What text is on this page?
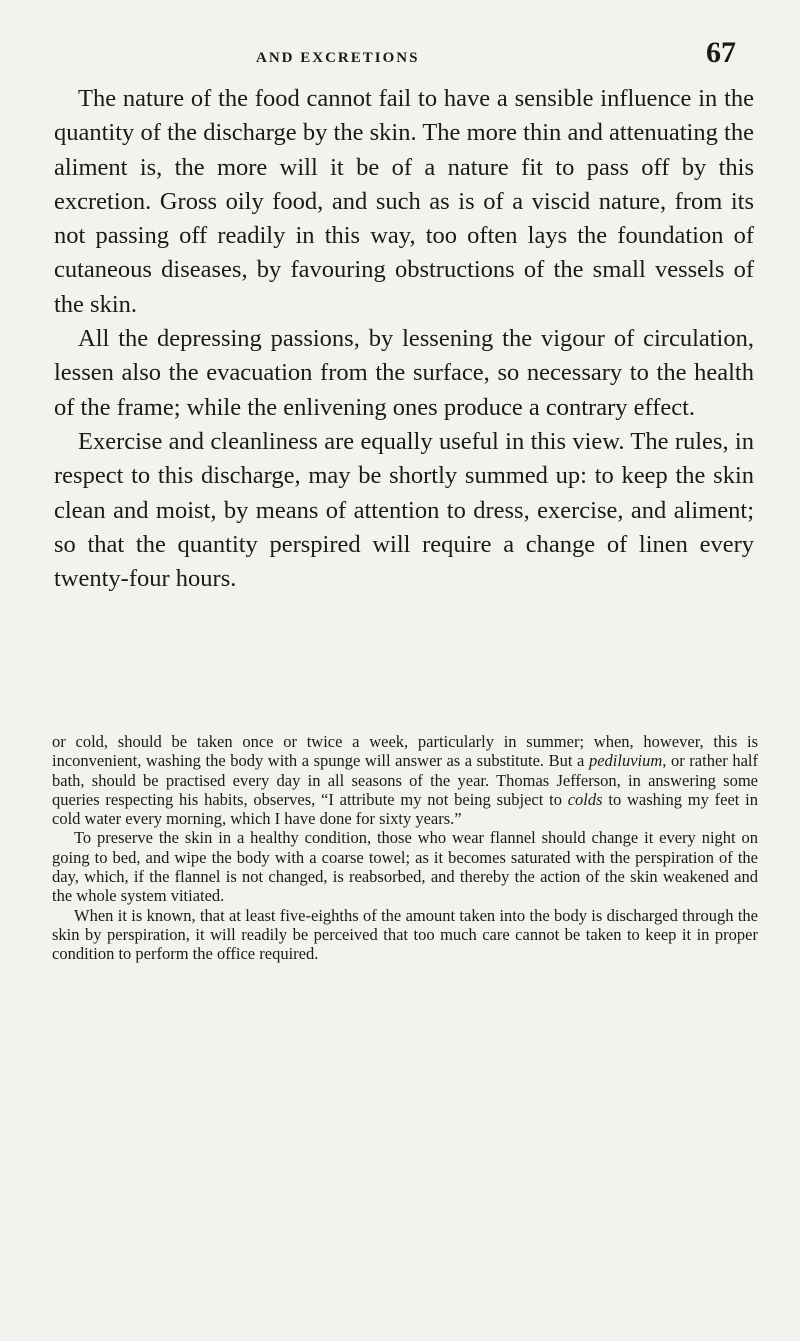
AND EXCRETIONS	67

The nature of the food cannot fail to have a sensible influence in the quantity of the discharge by the skin. The more thin and attenuating the aliment is, the more will it be of a nature fit to pass off by this excretion. Gross oily food, and such as is of a viscid nature, from its not passing off readily in this way, too often lays the foundation of cutaneous diseases, by favouring obstructions of the small vessels of the skin.

All the depressing passions, by lessening the vigour of circulation, lessen also the evacuation from the surface, so necessary to the health of the frame; while the enlivening ones produce a contrary effect.

Exercise and cleanliness are equally useful in this view. The rules, in respect to this discharge, may be shortly summed up: to keep the skin clean and moist, by means of attention to dress, exercise, and aliment; so that the quantity perspired will require a change of linen every twenty-four hours.

or cold, should be taken once or twice a week, particularly in summer; when, however, this is inconvenient, washing the body with a spunge will answer as a substitute. But a pediluvium, or rather half bath, should be practised every day in all seasons of the year. Thomas Jefferson, in answering some queries respecting his habits, observes, “I attribute my not being subject to colds to washing my feet in cold water every morning, which I have done for sixty years.”

To preserve the skin in a healthy condition, those who wear flannel should change it every night on going to bed, and wipe the body with a coarse towel; as it becomes saturated with the perspiration of the day, which, if the flannel is not changed, is reabsorbed, and thereby the action of the skin weakened and the whole system vitiated.

When it is known, that at least five-eighths of the amount taken into the body is discharged through the skin by perspiration, it will readily be perceived that too much care cannot be taken to keep it in proper condition to perform the office required.
